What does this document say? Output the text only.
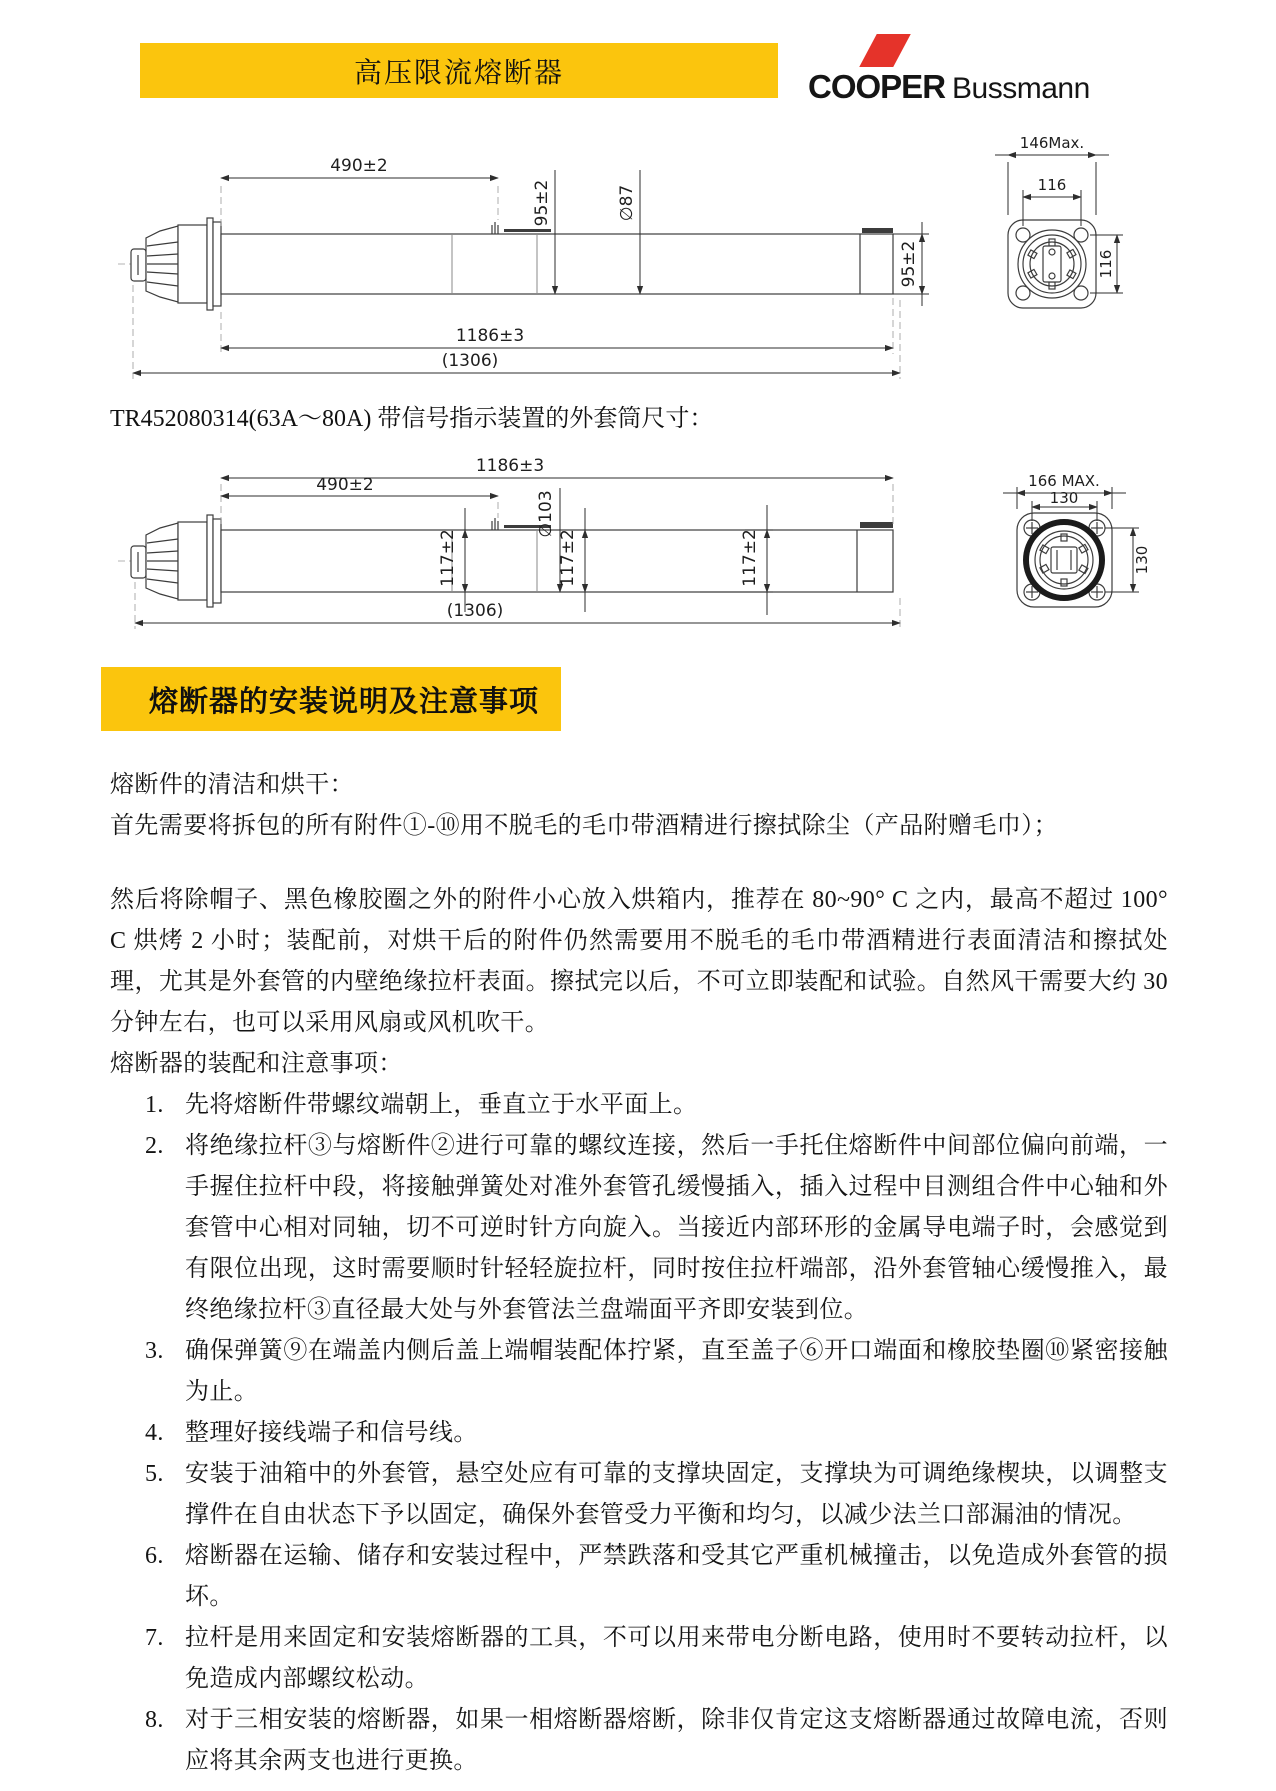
高压限流熔断器	COOPER Bussmann
490±2
95±2	∅87
95±2
1186±3
(1306)
146Max.
116
116
TR452080314(63A～80A) 带信号指示装置的外套筒尺寸：
1186±3
490±2
117±2
∅103
117±2	117±2
(1306)
166 MAX.
130
130
熔断器的安装说明及注意事项

熔断件的清洁和烘干：

首先需要将拆包的所有附件①-⑩用不脱毛的毛巾带酒精进行擦拭除尘（产品附赠毛巾）；

然后将除帽子、黑色橡胶圈之外的附件小心放入烘箱内，推荐在 80~90° C 之内，最高不超过 100° C 烘烤 2 小时；装配前，对烘干后的附件仍然需要用不脱毛的毛巾带酒精进行表面清洁和擦拭处理，尤其是外套管的内壁绝缘拉杆表面。擦拭完以后，不可立即装配和试验。自然风干需要大约 30 分钟左右，也可以采用风扇或风机吹干。

熔断器的装配和注意事项：

1. 先将熔断件带螺纹端朝上，垂直立于水平面上。
2. 将绝缘拉杆③与熔断件②进行可靠的螺纹连接，然后一手托住熔断件中间部位偏向前端，一手握住拉杆中段，将接触弹簧处对准外套管孔缓慢插入，插入过程中目测组合件中心轴和外套管中心相对同轴，切不可逆时针方向旋入。当接近内部环形的金属导电端子时，会感觉到有限位出现，这时需要顺时针轻轻旋拉杆，同时按住拉杆端部，沿外套管轴心缓慢推入，最终绝缘拉杆③直径最大处与外套管法兰盘端面平齐即安装到位。
3. 确保弹簧⑨在端盖内侧后盖上端帽装配体拧紧，直至盖子⑥开口端面和橡胶垫圈⑩紧密接触为止。
4. 整理好接线端子和信号线。
5. 安装于油箱中的外套管，悬空处应有可靠的支撑块固定，支撑块为可调绝缘楔块，以调整支撑件在自由状态下予以固定，确保外套管受力平衡和均匀，以减少法兰口部漏油的情况。
6. 熔断器在运输、储存和安装过程中，严禁跌落和受其它严重机械撞击，以免造成外套管的损坏。
7. 拉杆是用来固定和安装熔断器的工具，不可以用来带电分断电路，使用时不要转动拉杆，以免造成内部螺纹松动。
8. 对于三相安装的熔断器，如果一相熔断器熔断，除非仅肯定这支熔断器通过故障电流，否则应将其余两支也进行更换。
